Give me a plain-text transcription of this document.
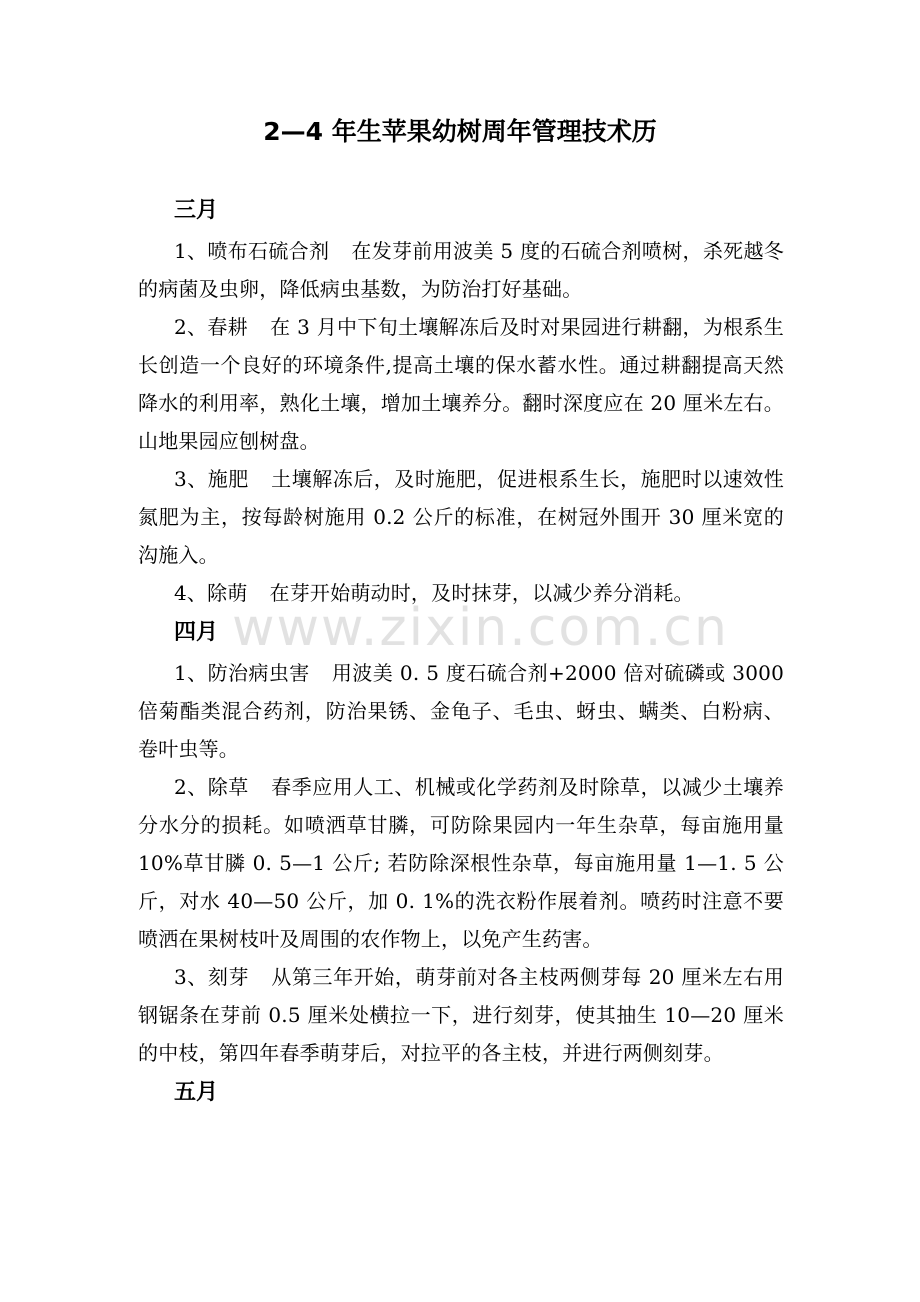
2—4 年生苹果幼树周年管理技术历

三月

1、喷布石硫合剂 在发芽前用波美 5 度的石硫合剂喷树，杀死越冬的病菌及虫卵，降低病虫基数，为防治打好基础。

2、春耕 在 3 月中下旬土壤解冻后及时对果园进行耕翻，为根系生长创造一个良好的环境条件,提高土壤的保水蓄水性。通过耕翻提高天然降水的利用率，熟化土壤，增加土壤养分。翻时深度应在 20 厘米左右。山地果园应刨树盘。

3、施肥 土壤解冻后，及时施肥，促进根系生长，施肥时以速效性氮肥为主，按每龄树施用 0.2 公斤的标准，在树冠外围开 30 厘米宽的沟施入。

4、除萌 在芽开始萌动时，及时抹芽，以减少养分消耗。

四月

1、防治病虫害 用波美 0. 5 度石硫合剂+2000 倍对硫磷或 3000 倍菊酯类混合药剂，防治果锈、金龟子、毛虫、蚜虫、螨类、白粉病、卷叶虫等。

2、除草 春季应用人工、机械或化学药剂及时除草，以减少土壤养分水分的损耗。如喷洒草甘膦，可防除果园内一年生杂草，每亩施用量 10%草甘膦 0. 5—1 公斤; 若防除深根性杂草，每亩施用量 1—1. 5 公斤，对水 40—50 公斤，加 0. 1%的洗衣粉作展着剂。喷药时注意不要喷洒在果树枝叶及周围的农作物上，以免产生药害。

3、刻芽 从第三年开始，萌芽前对各主枝两侧芽每 20 厘米左右用钢锯条在芽前 0.5 厘米处横拉一下，进行刻芽，使其抽生 10—20 厘米的中枝，第四年春季萌芽后，对拉平的各主枝，并进行两侧刻芽。

五月

www.zixin.com.cn
